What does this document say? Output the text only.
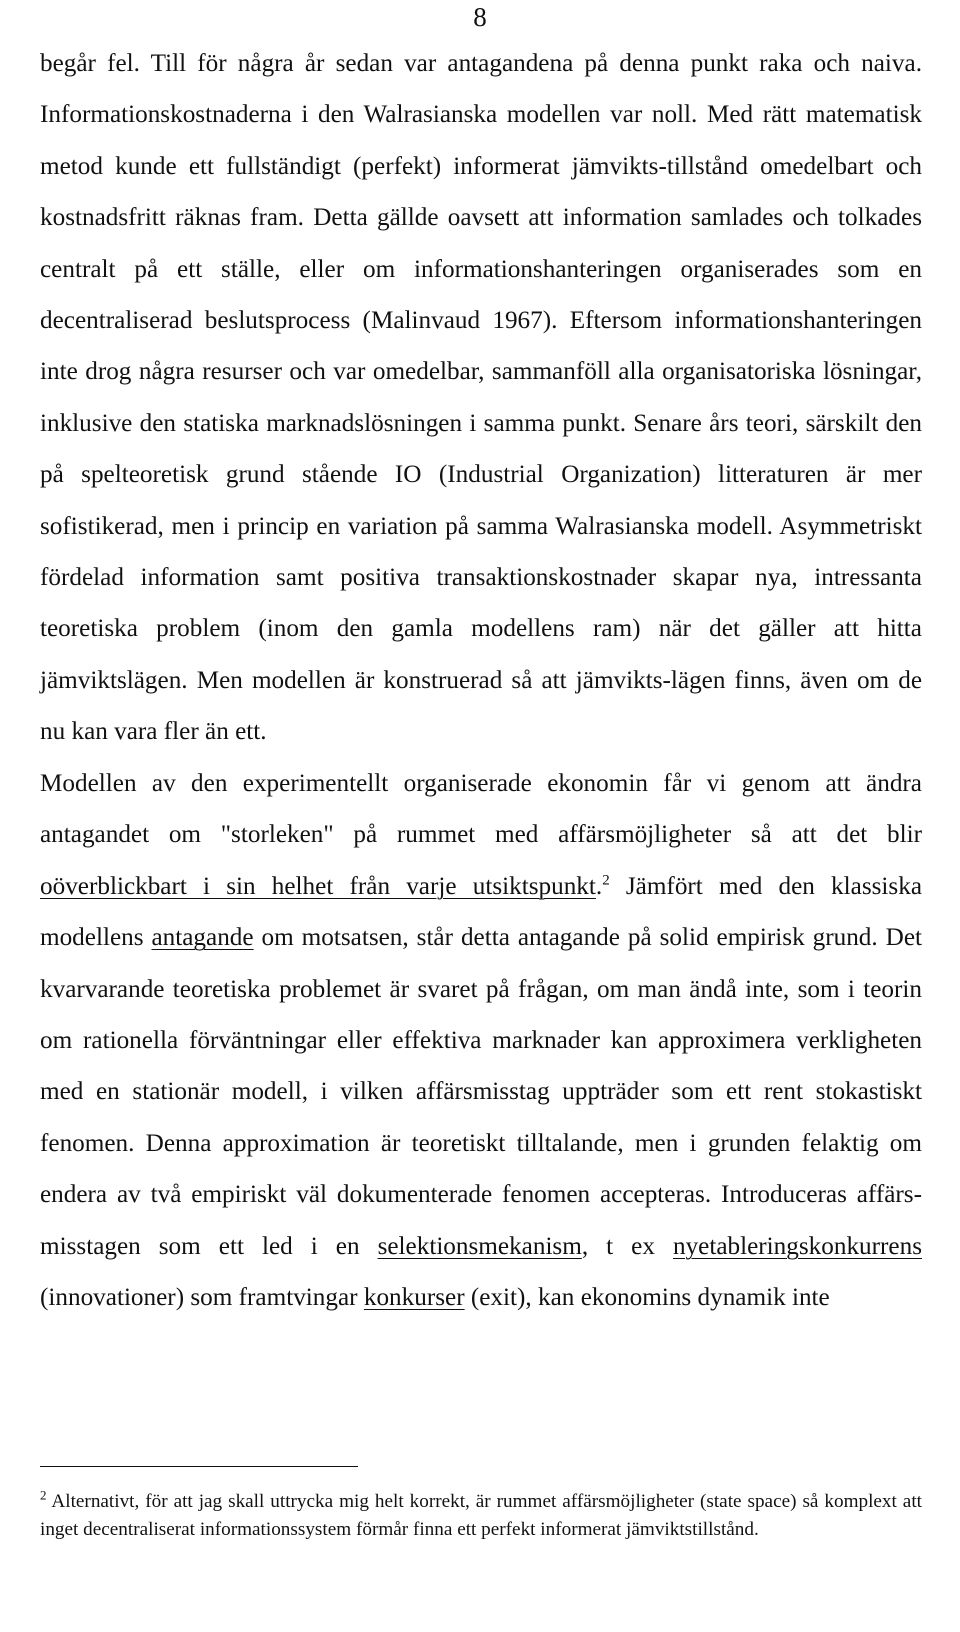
8

begår fel. Till för några år sedan var antagandena på denna punkt raka och naiva. Informationskostnaderna i den Walrasianska modellen var noll. Med rätt matematisk metod kunde ett fullständigt (perfekt) informerat jämvikts-tillstånd omedelbart och kostnadsfritt räknas fram. Detta gällde oavsett att information samlades och tolkades centralt på ett ställe, eller om informationshanteringen organiserades som en decentraliserad beslutsprocess (Malinvaud 1967). Eftersom informationshanteringen inte drog några resurser och var omedelbar, sammanföll alla organisatoriska lösningar, inklusive den statiska marknadslösningen i samma punkt. Senare års teori, särskilt den på spelteoretisk grund stående IO (Industrial Organization) litteraturen är mer sofistikerad, men i princip en variation på samma Walrasianska modell. Asymmetriskt fördelad information samt positiva transaktionskostnader skapar nya, intressanta teoretiska problem (inom den gamla modellens ram) när det gäller att hitta jämviktslägen. Men modellen är konstruerad så att jämvikts-lägen finns, även om de nu kan vara fler än ett.

Modellen av den experimentellt organiserade ekonomin får vi genom att ändra antagandet om "storleken" på rummet med affärsmöjligheter så att det blir oöverblickbart i sin helhet från varje utsiktspunkt.$^2$ Jämfört med den klassiska modellens antagande om motsatsen, står detta antagande på solid empirisk grund. Det kvarvarande teoretiska problemet är svaret på frågan, om man ändå inte, som i teorin om rationella förväntningar eller effektiva marknader kan approximera verkligheten med en stationär modell, i vilken affärsmisstag uppträder som ett rent stokastiskt fenomen. Denna approximation är teoretiskt tilltalande, men i grunden felaktig om endera av två empiriskt väl dokumenterade fenomen accepteras. Introduceras affärs-misstagen som ett led i en selektionsmekanism, t ex nyetableringskonkurrens (innovationer) som framtvingar konkurser (exit), kan ekonomins dynamik inte

$^2$ Alternativt, för att jag skall uttrycka mig helt korrekt, är rummet affärsmöjligheter (state space) så komplext att inget decentraliserat informationssystem förmår finna ett perfekt informerat jämviktstillstånd.
